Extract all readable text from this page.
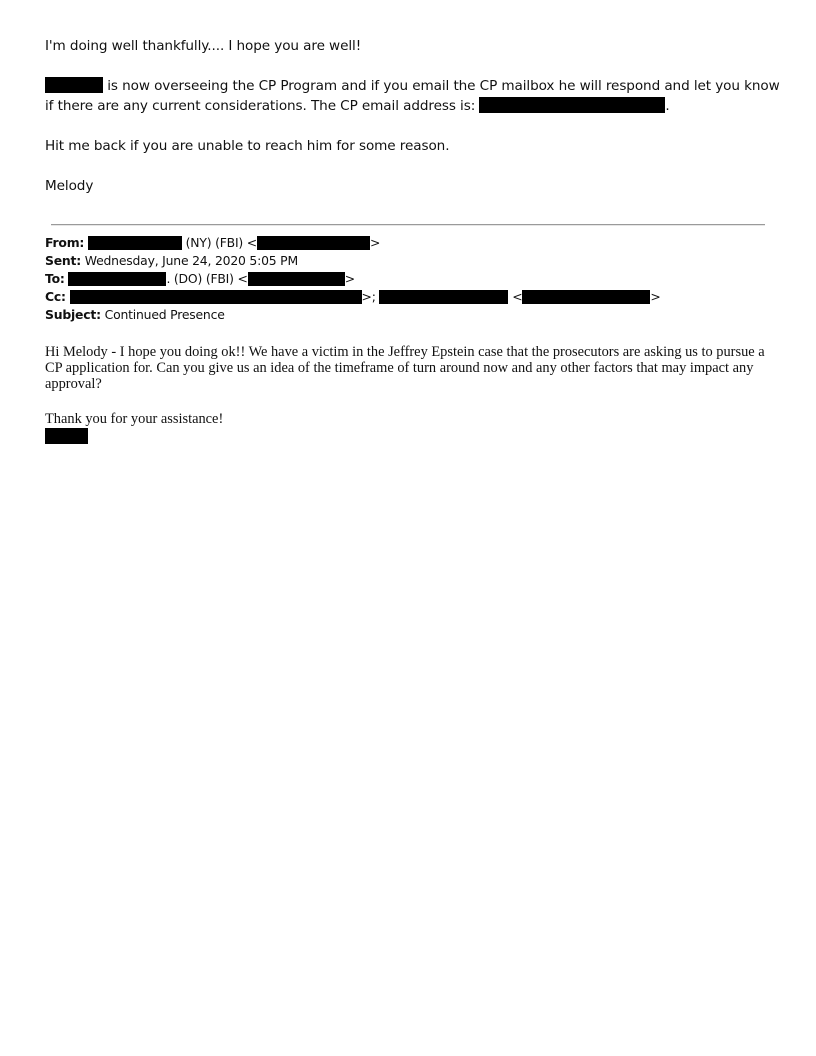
I'm doing well thankfully.... I hope you are well!

is now overseeing the CP Program and if you email the CP mailbox he will respond and let you know if there are any current considerations. The CP email address is:	.

Hit me back if you are unable to reach him for some reason.

Melody

From:	(NY) (FBI) <	>
Sent: Wednesday, June 24, 2020 5:05 PM
To:	. (DO) (FBI) <	>
Cc:	>;	<	>
Subject: Continued Presence

Hi Melody - I hope you doing ok!! We have a victim in the Jeffrey Epstein case that the prosecutors are asking us to pursue a CP application for. Can you give us an idea of the timeframe of turn around now and any other factors that may impact any approval?

Thank you for your assistance!
